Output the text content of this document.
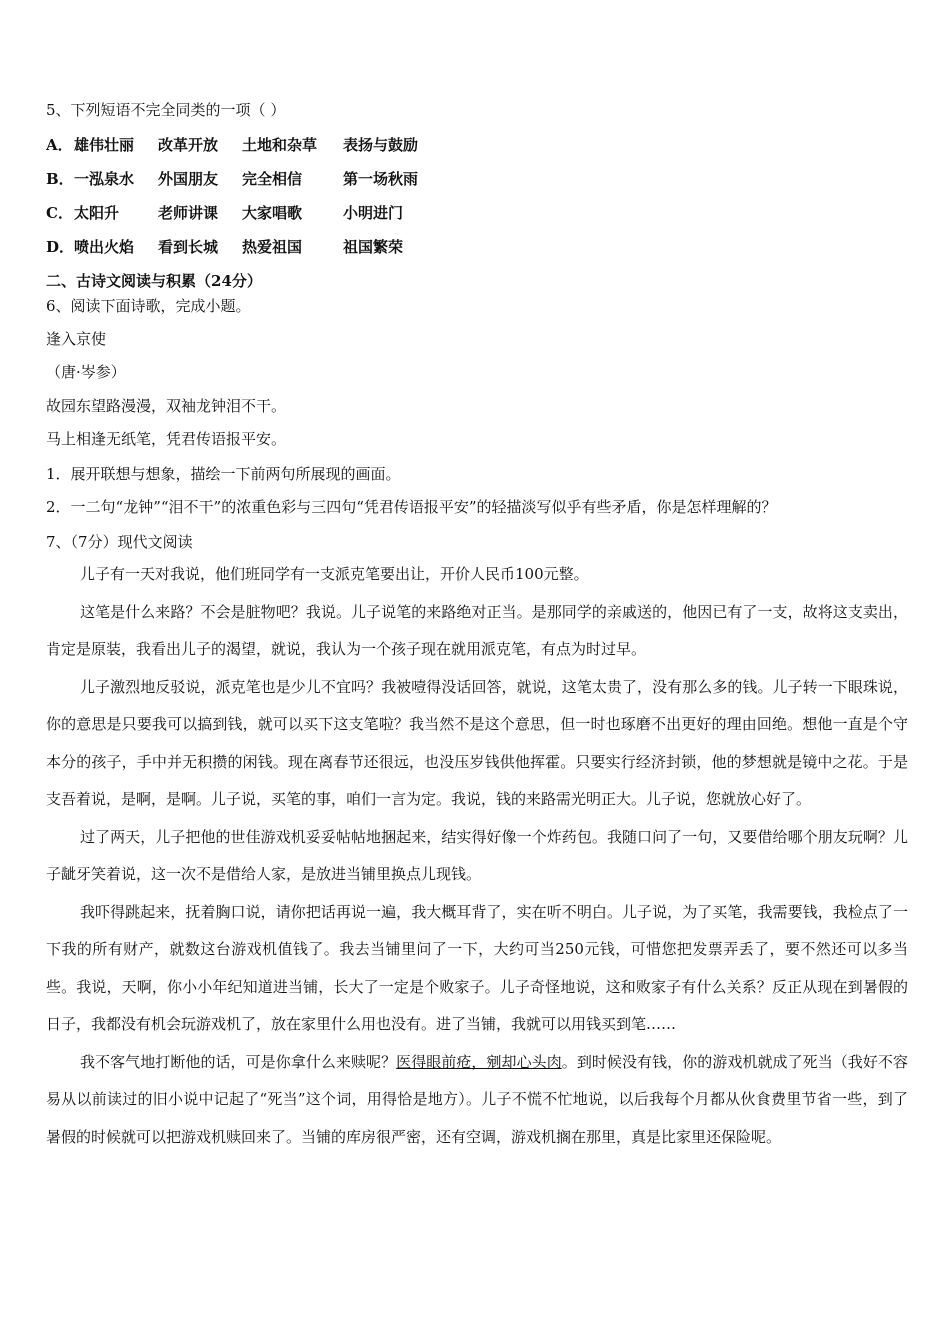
5、下列短语不完全同类的一项（ ）
A． 雄伟壮丽 改革开放 土地和杂草 表扬与鼓励
B． 一泓泉水 外国朋友 完全相信	第一场秋雨
C． 太阳升	老师讲课 大家唱歌	小明进门
D． 喷出火焰 看到长城 热爱祖国	祖国繁荣
二、古诗文阅读与积累（24分）
6、阅读下面诗歌，完成小题。
逢入京使
（唐·岑参）
故园东望路漫漫，双袖龙钟泪不干。
马上相逢无纸笔，凭君传语报平安。
1．展开联想与想象，描绘一下前两句所展现的画面。
2．一二句“龙钟”“泪不干”的浓重色彩与三四句“凭君传语报平安”的轻描淡写似乎有些矛盾，你是怎样理解的？
7、（7分）现代文阅读

儿子有一天对我说，他们班同学有一支派克笔要出让，开价人民币100元整。

这笔是什么来路？不会是脏物吧？我说。儿子说笔的来路绝对正当。是那同学的亲戚送的，他因已有了一支，故将这支卖出，肯定是原装，我看出儿子的渴望，就说，我认为一个孩子现在就用派克笔，有点为时过早。

儿子激烈地反驳说，派克笔也是少儿不宜吗？我被噎得没话回答，就说，这笔太贵了，没有那么多的钱。儿子转一下眼珠说，你的意思是只要我可以搞到钱，就可以买下这支笔啦？我当然不是这个意思，但一时也琢磨不出更好的理由回绝。想他一直是个守本分的孩子，手中并无积攒的闲钱。现在离春节还很远，也没压岁钱供他挥霍。只要实行经济封锁，他的梦想就是镜中之花。于是支吾着说，是啊，是啊。儿子说，买笔的事，咱们一言为定。我说，钱的来路需光明正大。儿子说，您就放心好了。

过了两天，儿子把他的世佳游戏机妥妥帖帖地捆起来，结实得好像一个炸药包。我随口问了一句，又要借给哪个朋友玩啊？儿子龇牙笑着说，这一次不是借给人家，是放进当铺里换点儿现钱。

我吓得跳起来，抚着胸口说，请你把话再说一遍，我大概耳背了，实在听不明白。儿子说，为了买笔，我需要钱，我检点了一下我的所有财产，就数这台游戏机值钱了。我去当铺里问了一下，大约可当250元钱，可惜您把发票弄丢了，要不然还可以多当些。我说，天啊，你小小年纪知道进当铺，长大了一定是个败家子。儿子奇怪地说，这和败家子有什么关系？反正从现在到暑假的日子，我都没有机会玩游戏机了，放在家里什么用也没有。进了当铺，我就可以用钱买到笔……

我不客气地打断他的话，可是你拿什么来赎呢？医得眼前疮，剜却心头肉。到时候没有钱，你的游戏机就成了死当（我好不容易从以前读过的旧小说中记起了“死当”这个词，用得恰是地方）。儿子不慌不忙地说，以后我每个月都从伙食费里节省一些，到了暑假的时候就可以把游戏机赎回来了。当铺的库房很严密，还有空调，游戏机搁在那里，真是比家里还保险呢。
